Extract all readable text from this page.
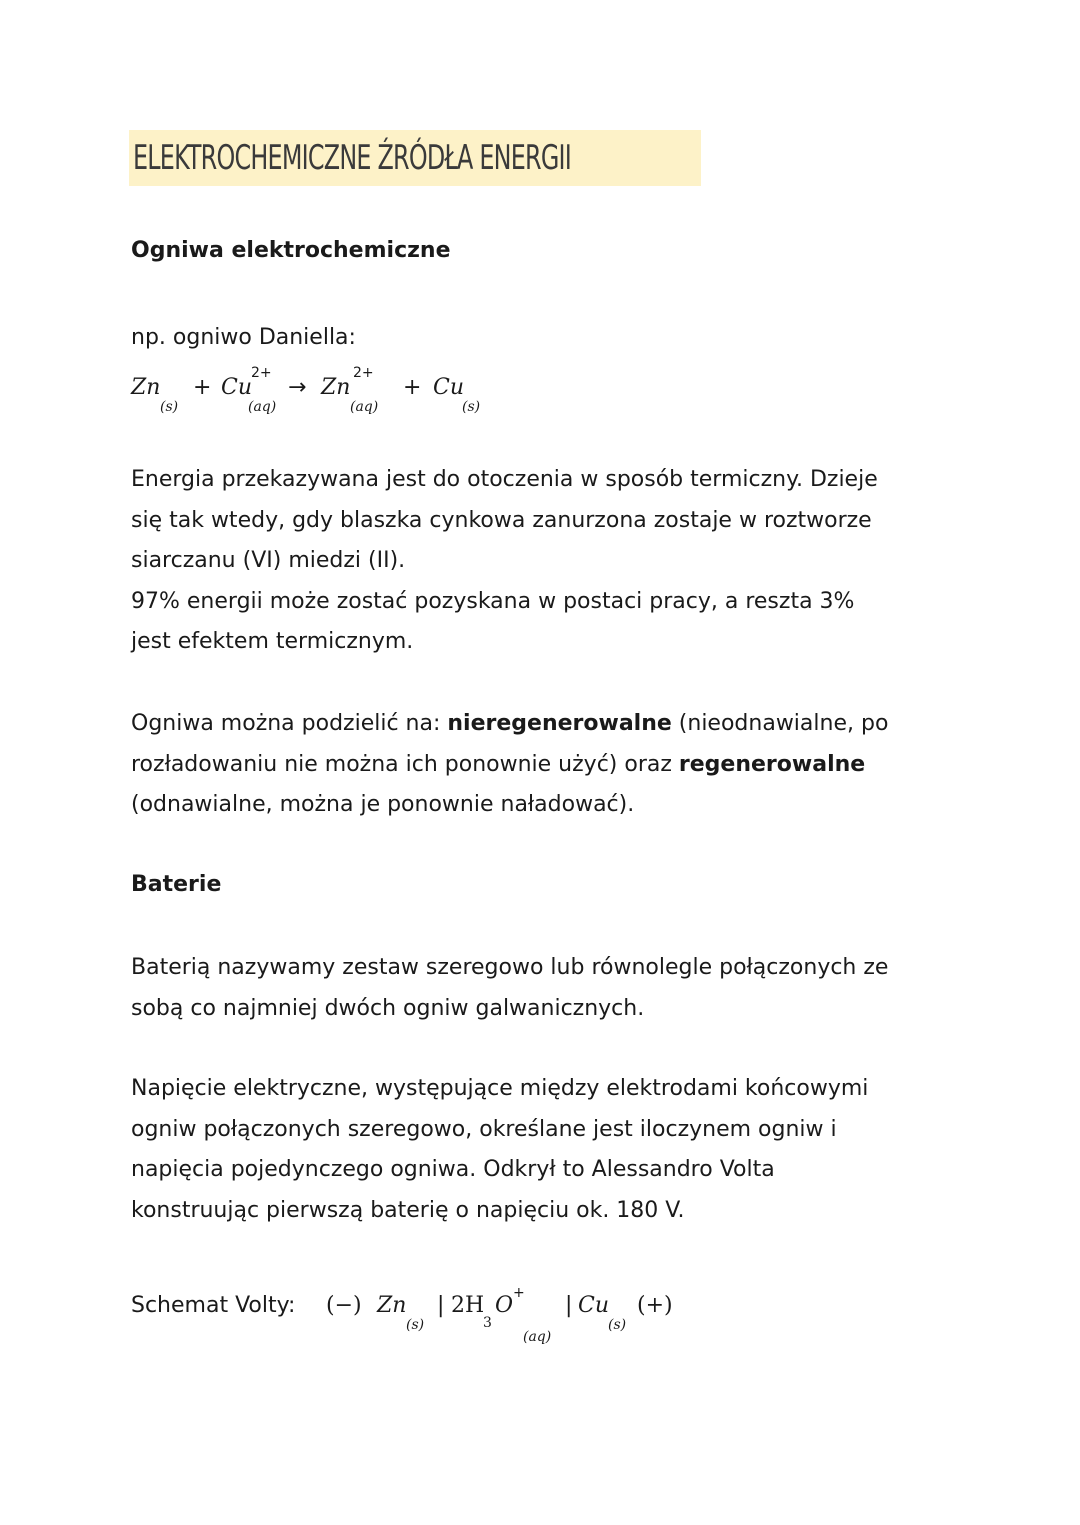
ELEKTROCHEMICZNE ŹRÓDŁA ENERGII
Ogniwa elektrochemiczne
np. ogniwo Daniella:
Zn
(s)
+ Cu
2+
(aq)
→ Zn
2+
(aq)
+ Cu
(s)

Energia przekazywana jest do otoczenia w sposób termiczny. Dzieje

się tak wtedy, gdy blaszka cynkowa zanurzona zostaje w roztworze

siarczanu (VI) miedzi (II).

97% energii może zostać pozyskana w postaci pracy, a reszta 3%

jest efektem termicznym.

Ogniwa można podzielić na: nieregenerowalne (nieodnawialne, po

rozładowaniu nie można ich ponownie użyć) oraz regenerowalne

(odnawialne, można je ponownie naładować).

Baterie

Baterią nazywamy zestaw szeregowo lub równolegle połączonych ze

sobą co najmniej dwóch ogniw galwanicznych.

Napięcie elektryczne, występujące między elektrodami końcowymi

ogniw połączonych szeregowo, określane jest iloczynem ogniw i

napięcia pojedynczego ogniwa. Odkrył to Alessandro Volta

konstruując pierwszą baterię o napięciu ok. 180 V.

Schemat Volty: (−) Zn
(s)
| 2H
3
O +
(aq)
| Cu
(s)
(+)
